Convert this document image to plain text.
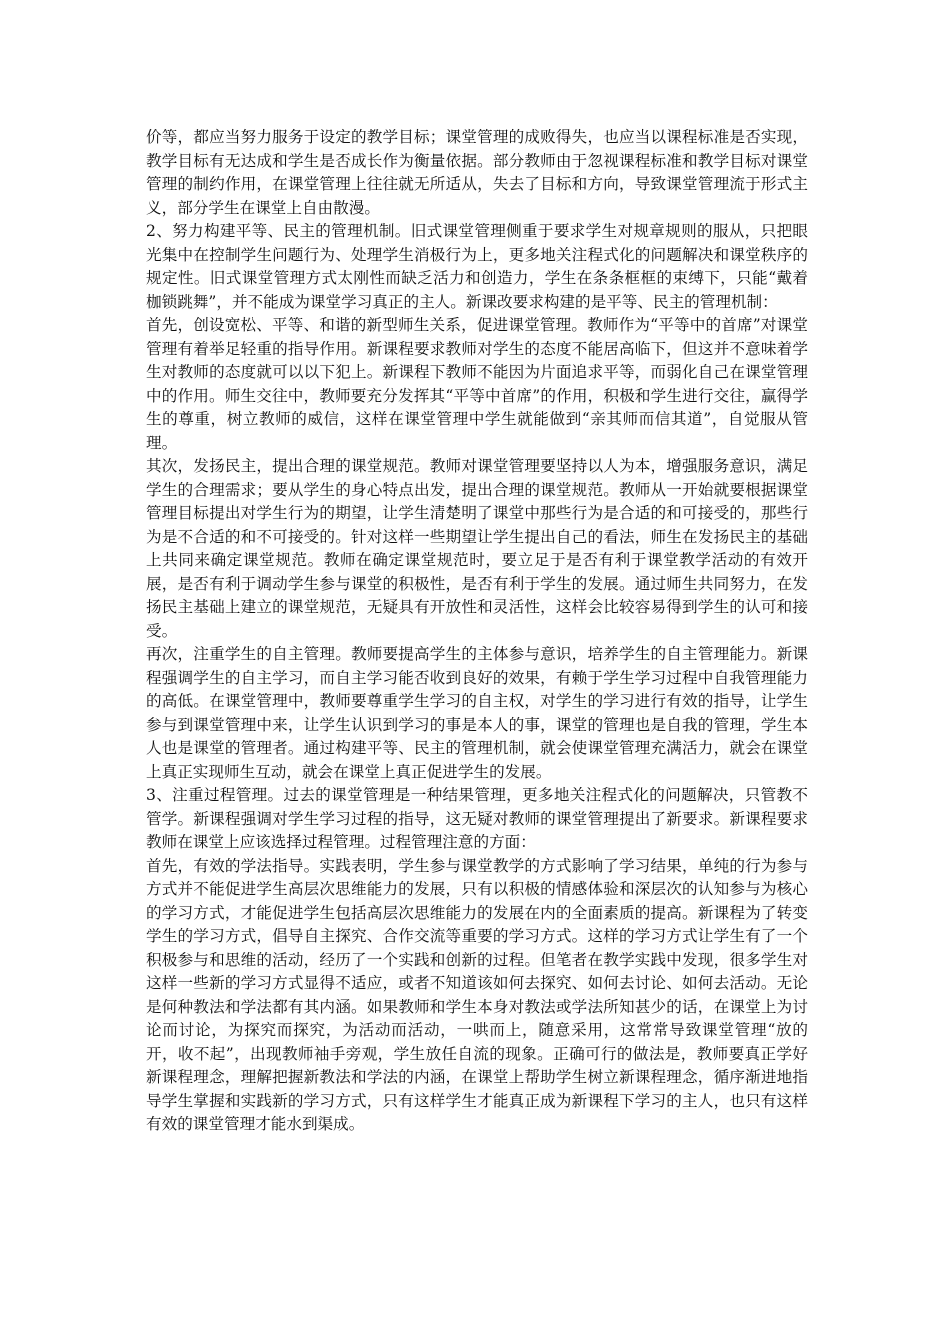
价等，都应当努力服务于设定的教学目标；课堂管理的成败得失，也应当以课程标准是否实现，教学目标有无达成和学生是否成长作为衡量依据。部分教师由于忽视课程标准和教学目标对课堂管理的制约作用，在课堂管理上往往就无所适从，失去了目标和方向，导致课堂管理流于形式主义，部分学生在课堂上自由散漫。

2、努力构建平等、民主的管理机制。旧式课堂管理侧重于要求学生对规章规则的服从，只把眼光集中在控制学生问题行为、处理学生消极行为上，更多地关注程式化的问题解决和课堂秩序的规定性。旧式课堂管理方式太刚性而缺乏活力和创造力，学生在条条框框的束缚下，只能“戴着枷锁跳舞”，并不能成为课堂学习真正的主人。新课改要求构建的是平等、民主的管理机制：

首先，创设宽松、平等、和谐的新型师生关系，促进课堂管理。教师作为“平等中的首席”对课堂管理有着举足轻重的指导作用。新课程要求教师对学生的态度不能居高临下，但这并不意味着学生对教师的态度就可以以下犯上。新课程下教师不能因为片面追求平等，而弱化自己在课堂管理中的作用。师生交往中，教师要充分发挥其“平等中首席”的作用，积极和学生进行交往，赢得学生的尊重，树立教师的威信，这样在课堂管理中学生就能做到“亲其师而信其道”，自觉服从管理。

其次，发扬民主，提出合理的课堂规范。教师对课堂管理要坚持以人为本，增强服务意识，满足学生的合理需求；要从学生的身心特点出发，提出合理的课堂规范。教师从一开始就要根据课堂管理目标提出对学生行为的期望，让学生清楚明了课堂中那些行为是合适的和可接受的，那些行为是不合适的和不可接受的。针对这样一些期望让学生提出自己的看法，师生在发扬民主的基础上共同来确定课堂规范。教师在确定课堂规范时，要立足于是否有利于课堂教学活动的有效开展，是否有利于调动学生参与课堂的积极性，是否有利于学生的发展。通过师生共同努力，在发扬民主基础上建立的课堂规范，无疑具有开放性和灵活性，这样会比较容易得到学生的认可和接受。

再次，注重学生的自主管理。教师要提高学生的主体参与意识，培养学生的自主管理能力。新课程强调学生的自主学习，而自主学习能否收到良好的效果，有赖于学生学习过程中自我管理能力的高低。在课堂管理中，教师要尊重学生学习的自主权，对学生的学习进行有效的指导，让学生参与到课堂管理中来，让学生认识到学习的事是本人的事，课堂的管理也是自我的管理，学生本人也是课堂的管理者。通过构建平等、民主的管理机制，就会使课堂管理充满活力，就会在课堂上真正实现师生互动，就会在课堂上真正促进学生的发展。

3、注重过程管理。过去的课堂管理是一种结果管理，更多地关注程式化的问题解决，只管教不管学。新课程强调对学生学习过程的指导，这无疑对教师的课堂管理提出了新要求。新课程要求教师在课堂上应该选择过程管理。过程管理注意的方面：

首先，有效的学法指导。实践表明，学生参与课堂教学的方式影响了学习结果，单纯的行为参与方式并不能促进学生高层次思维能力的发展，只有以积极的情感体验和深层次的认知参与为核心的学习方式，才能促进学生包括高层次思维能力的发展在内的全面素质的提高。新课程为了转变学生的学习方式，倡导自主探究、合作交流等重要的学习方式。这样的学习方式让学生有了一个积极参与和思维的活动，经历了一个实践和创新的过程。但笔者在教学实践中发现，很多学生对这样一些新的学习方式显得不适应，或者不知道该如何去探究、如何去讨论、如何去活动。无论是何种教法和学法都有其内涵。如果教师和学生本身对教法或学法所知甚少的话，在课堂上为讨论而讨论，为探究而探究，为活动而活动，一哄而上，随意采用，这常常导致课堂管理“放的开，收不起”，出现教师袖手旁观，学生放任自流的现象。正确可行的做法是，教师要真正学好新课程理念，理解把握新教法和学法的内涵，在课堂上帮助学生树立新课程理念，循序渐进地指导学生掌握和实践新的学习方式，只有这样学生才能真正成为新课程下学习的主人，也只有这样有效的课堂管理才能水到渠成。
